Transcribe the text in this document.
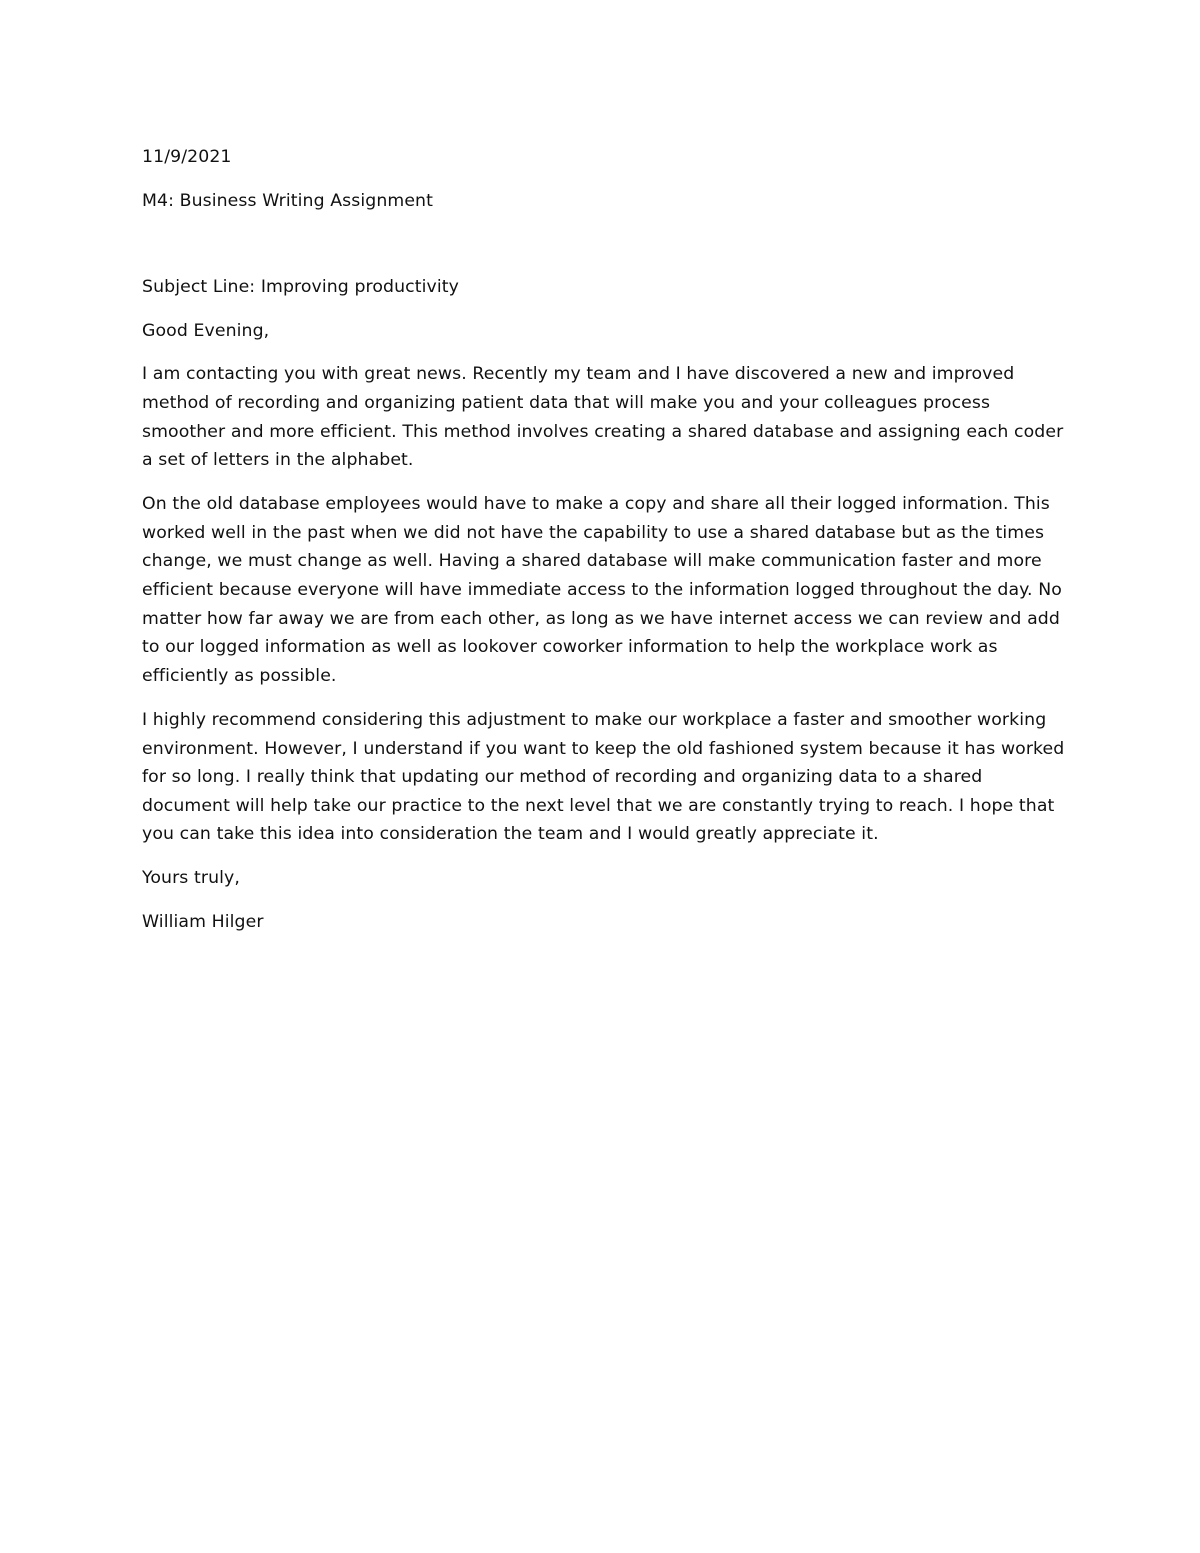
11/9/2021
M4: Business Writing Assignment
Subject Line: Improving productivity
Good Evening,
I am contacting you with great news. Recently my team and I have discovered a new and improved
method of recording and organizing patient data that will make you and your colleagues process
smoother and more efficient. This method involves creating a shared database and assigning each coder
a set of letters in the alphabet.
On the old database employees would have to make a copy and share all their logged information. This
worked well in the past when we did not have the capability to use a shared database but as the times
change, we must change as well. Having a shared database will make communication faster and more
efficient because everyone will have immediate access to the information logged throughout the day. No
matter how far away we are from each other, as long as we have internet access we can review and add
to our logged information as well as lookover coworker information to help the workplace work as
efficiently as possible.
I highly recommend considering this adjustment to make our workplace a faster and smoother working
environment. However, I understand if you want to keep the old fashioned system because it has worked
for so long. I really think that updating our method of recording and organizing data to a shared
document will help take our practice to the next level that we are constantly trying to reach. I hope that
you can take this idea into consideration the team and I would greatly appreciate it.
Yours truly,
William Hilger
